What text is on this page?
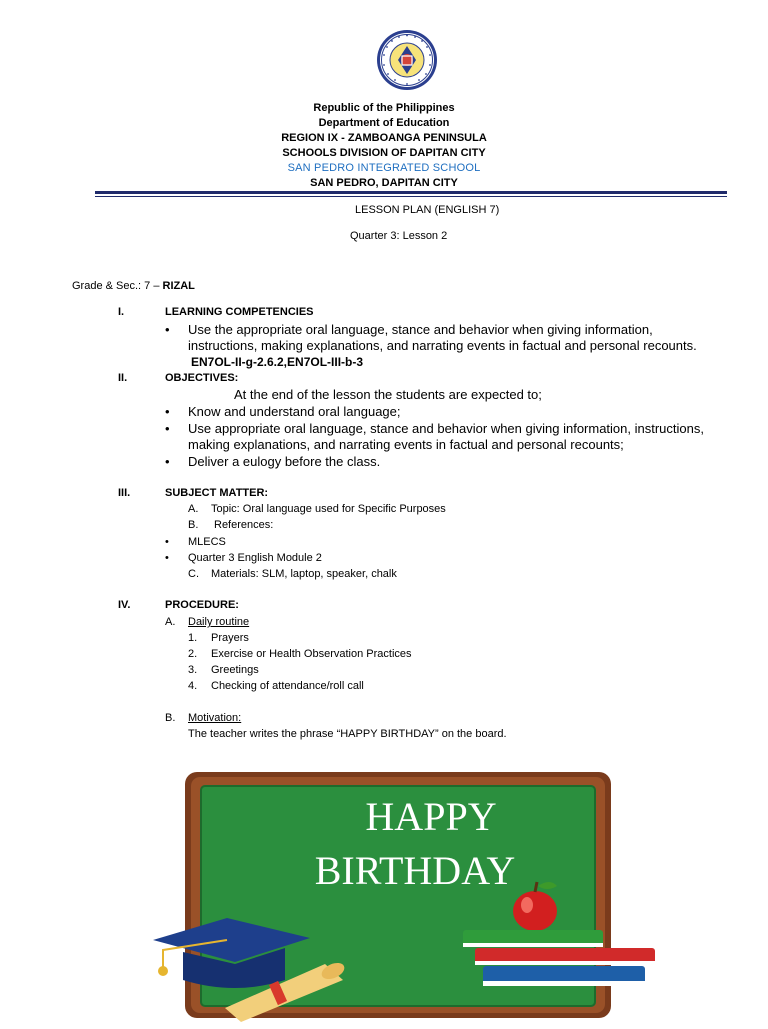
Republic of the Philippines
Department of Education
REGION IX - ZAMBOANGA PENINSULA
SCHOOLS DIVISION OF DAPITAN CITY
SAN PEDRO INTEGRATED SCHOOL
SAN PEDRO, DAPITAN CITY
LESSON PLAN (ENGLISH 7)
Quarter 3: Lesson 2
Grade & Sec.: 7 – RIZAL
I.	LEARNING COMPETENCIES
• Use the appropriate oral language, stance and behavior when giving information,
instructions, making explanations, and narrating events in factual and personal recounts.
EN7OL-II-g-2.6.2,EN7OL-III-b-3
II.	OBJECTIVES:
At the end of the lesson the students are expected to;
• Know and understand oral language;
• Use appropriate oral language, stance and behavior when giving information, instructions,
making explanations, and narrating events in factual and personal recounts;
• Deliver a eulogy before the class.
III.	SUBJECT MATTER:
A. Topic: Oral language used for Specific Purposes
B. References:
• MLECS
• Quarter 3 English Module 2
C. Materials: SLM, laptop, speaker, chalk
IV.	PROCEDURE:
A. Daily routine
1. Prayers
2. Exercise or Health Observation Practices
3. Greetings
4. Checking of attendance/roll call
B. Motivation:
The teacher writes the phrase “HAPPY BIRTHDAY” on the board.
HAPPY
BIRTHDAY
